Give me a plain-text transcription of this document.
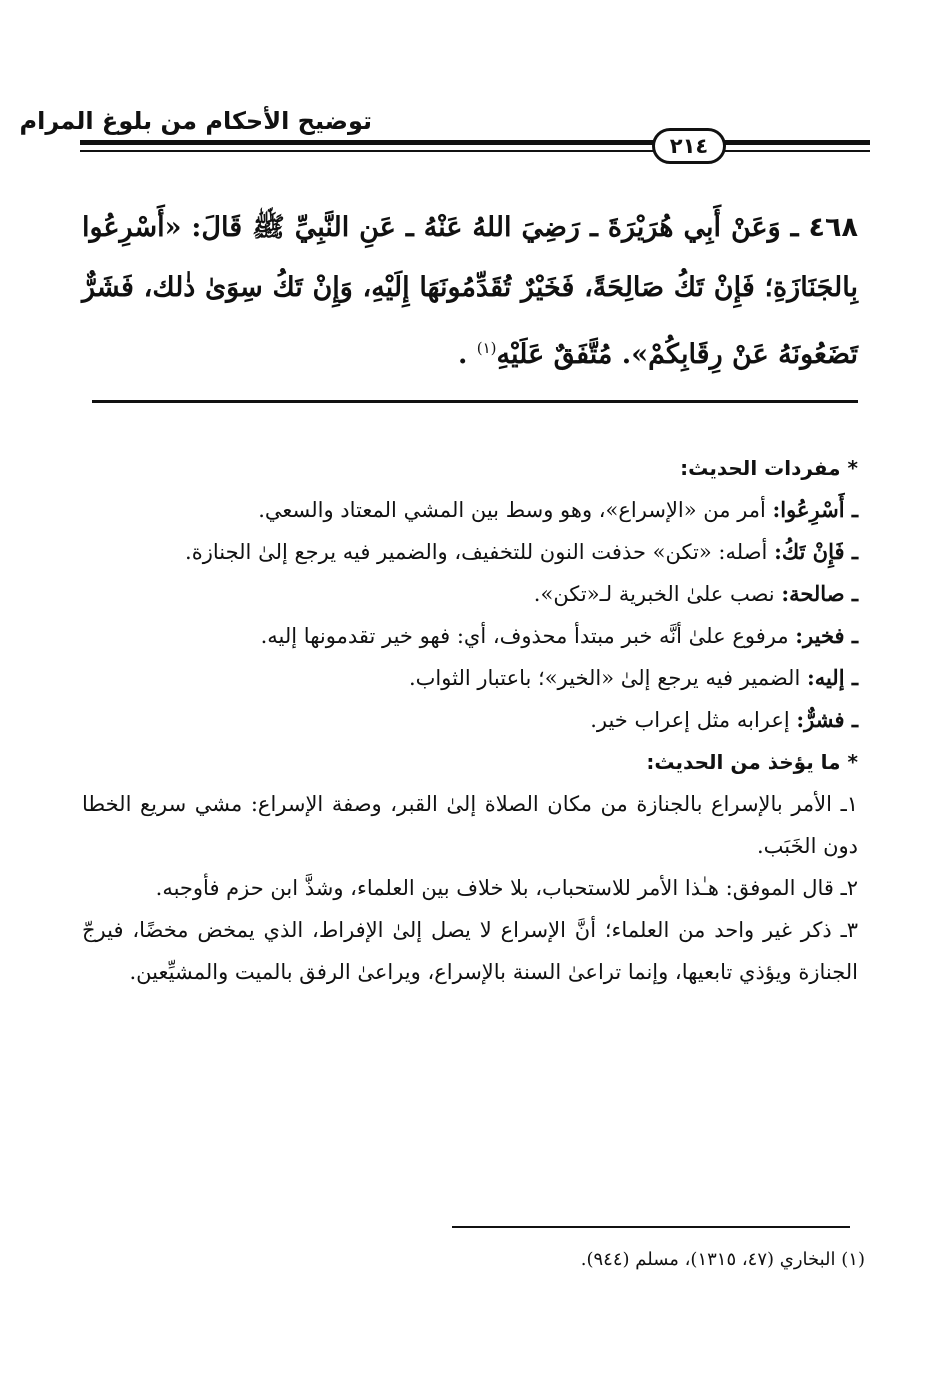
توضيح الأحكام من بلوغ المرام
٢١٤
٤٦٨ ـ وَعَنْ أَبِي هُرَيْرَةَ ـ رَضِيَ اللهُ عَنْهُ ـ عَنِ النَّبِيِّ ﷺ قَالَ: «أَسْرِعُوا بِالجَنَازَةِ؛ فَإِنْ تَكُ صَالِحَةً، فَخَيْرٌ تُقَدِّمُونَهَا إِلَيْهِ، وَإِنْ تَكُ سِوَىٰ ذٰلك، فَشَرٌّ تَضَعُونَهُ عَنْ رِقَابِكُمْ». مُتَّفَقٌ عَلَيْهِ$^{(١)}$ .
* مفردات الحديث:
ـ أَسْرِعُوا: أمر من «الإسراع»، وهو وسط بين المشي المعتاد والسعي.
ـ فَإِنْ تَكُ: أصله: «تكن» حذفت النون للتخفيف، والضمير فيه يرجع إلىٰ الجنازة.
ـ صالحة: نصب علىٰ الخبرية لـ«تكن».
ـ فخير: مرفوع علىٰ أنَّه خبر مبتدأ محذوف، أي: فهو خير تقدمونها إليه.
ـ إليه: الضمير فيه يرجع إلىٰ «الخير»؛ باعتبار الثواب.
ـ فشرٌّ: إعرابه مثل إعراب خير.
* ما يؤخذ من الحديث:
١ـ الأمر بالإسراع بالجنازة من مكان الصلاة إلىٰ القبر، وصفة الإسراع: مشي سريع الخطا دون الخَبَب.
٢ـ قال الموفق: هـٰذا الأمر للاستحباب، بلا خلاف بين العلماء، وشذَّ ابن حزم فأوجبه.
٣ـ ذكر غير واحد من العلماء؛ أنَّ الإسراع لا يصل إلىٰ الإفراط، الذي يمخض مخضًا، فيرجّ الجنازة ويؤذي تابعيها، وإنما تراعىٰ السنة بالإسراع، ويراعىٰ الرفق بالميت والمشيِّعين.
(١) البخاري (٤٧، ١٣١٥)، مسلم (٩٤٤).
